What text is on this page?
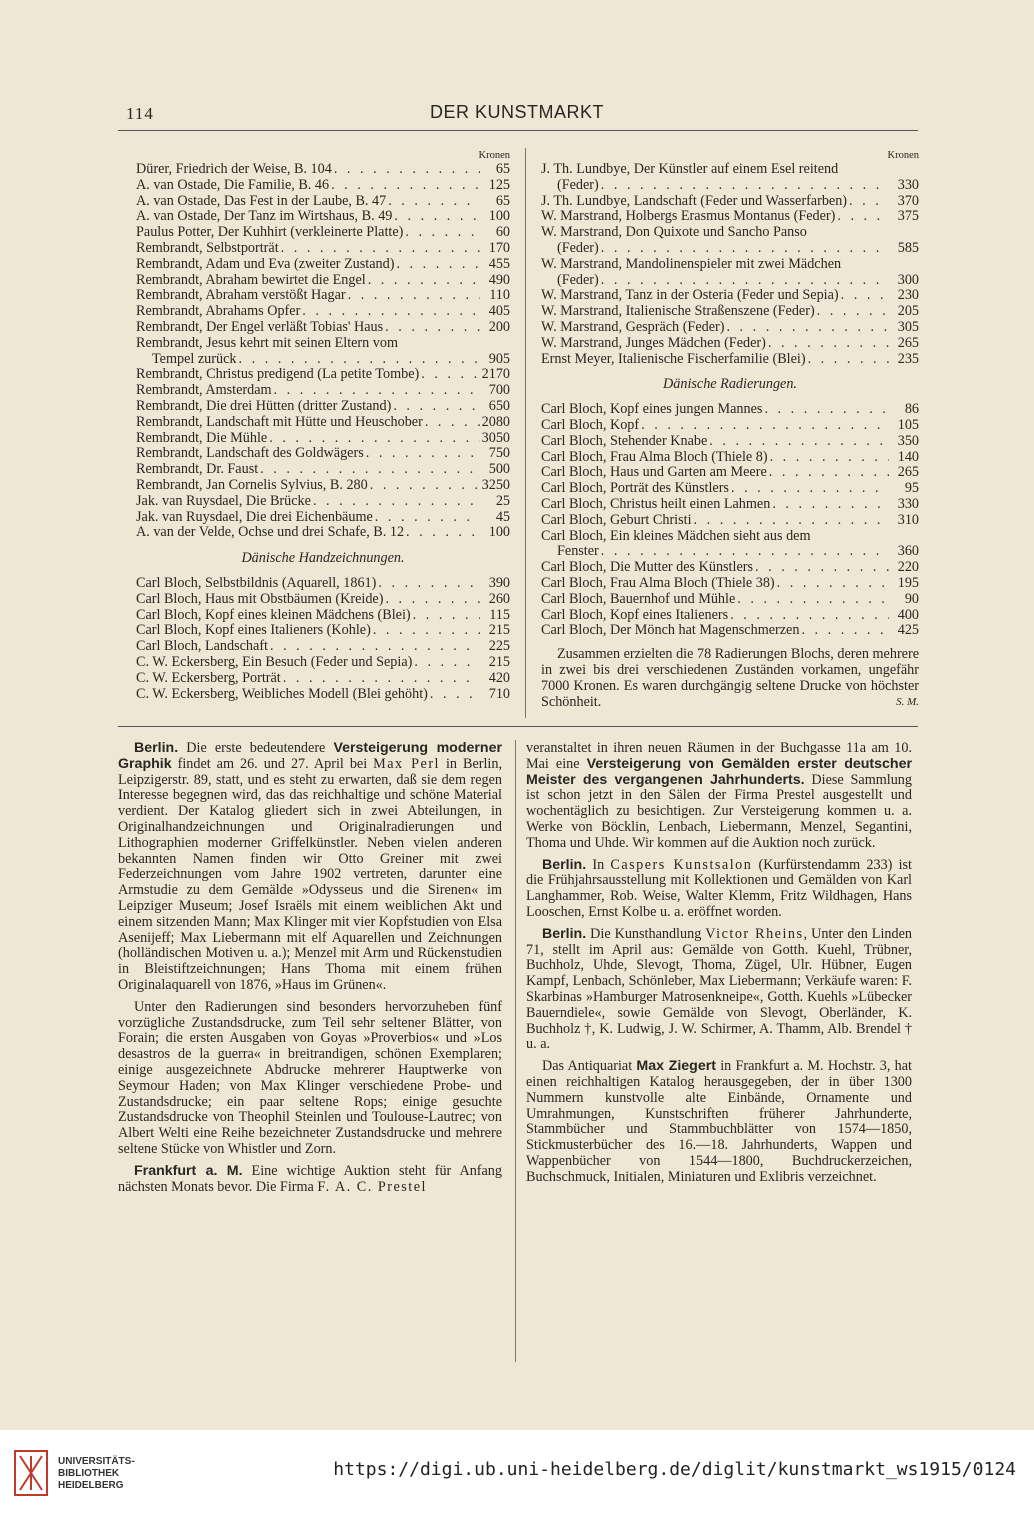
114	DER KUNSTMARKT
Kronen
Dürer, Friedrich der Weise, B. 104 . . .	65
A. van Ostade, Die Familie, B. 46 . . .	125
A. van Ostade, Das Fest in der Laube, B. 47 . . .	65
A. van Ostade, Der Tanz im Wirtshaus, B. 49 . . .	100
Paulus Potter, Der Kuhhirt (verkleinerte Platte) . . .	60
Rembrandt, Selbstporträt . . .	170
Rembrandt, Adam und Eva (zweiter Zustand) . . .	455
Rembrandt, Abraham bewirtet die Engel . . .	490
Rembrandt, Abraham verstößt Hagar . . .	110
Rembrandt, Abrahams Opfer . . .	405
Rembrandt, Der Engel verläßt Tobias' Haus . . .	200
Rembrandt, Jesus kehrt mit seinen Eltern vom
Tempel zurück . . .	905
Rembrandt, Christus predigend (La petite Tombe) . . .	2170
Rembrandt, Amsterdam . . .	700
Rembrandt, Die drei Hütten (dritter Zustand) . . .	650
Rembrandt, Landschaft mit Hütte und Heuschober . . .	2080
Rembrandt, Die Mühle . . .	3050
Rembrandt, Landschaft des Goldwägers . . .	750
Rembrandt, Dr. Faust . . .	500
Rembrandt, Jan Cornelis Sylvius, B. 280 . . .	3250
Jak. van Ruysdael, Die Brücke . . .	25
Jak. van Ruysdael, Die drei Eichenbäume . . .	45
A. van der Velde, Ochse und drei Schafe, B. 12 . . .	100
Dänische Handzeichnungen.
Carl Bloch, Selbstbildnis (Aquarell, 1861) . . .	390
Carl Bloch, Haus mit Obstbäumen (Kreide) . . .	260
Carl Bloch, Kopf eines kleinen Mädchens (Blei) . . .	115
Carl Bloch, Kopf eines Italieners (Kohle) . . .	215
Carl Bloch, Landschaft . . .	225
C. W. Eckersberg, Ein Besuch (Feder und Sepia) . . .	215
C. W. Eckersberg, Porträt . . .	420
C. W. Eckersberg, Weibliches Modell (Blei gehöht) . . .	710
Kronen
J. Th. Lundbye, Der Künstler auf einem Esel reitend
(Feder) . . .	330
J. Th. Lundbye, Landschaft (Feder und Wasserfarben) . . .	370
W. Marstrand, Holbergs Erasmus Montanus (Feder) . . .	375
W. Marstrand, Don Quixote und Sancho Panso
(Feder) . . .	585
W. Marstrand, Mandolinenspieler mit zwei Mädchen
(Feder) . . .	300
W. Marstrand, Tanz in der Osteria (Feder und Sepia) . . .	230
W. Marstrand, Italienische Straßenszene (Feder) . . .	205
W. Marstrand, Gespräch (Feder) . . .	305
W. Marstrand, Junges Mädchen (Feder) . . .	265
Ernst Meyer, Italienische Fischerfamilie (Blei) . . .	235
Dänische Radierungen.
Carl Bloch, Kopf eines jungen Mannes . . .	86
Carl Bloch, Kopf . . .	105
Carl Bloch, Stehender Knabe . . .	350
Carl Bloch, Frau Alma Bloch (Thiele 8) . . .	140
Carl Bloch, Haus und Garten am Meere . . .	265
Carl Bloch, Porträt des Künstlers . . .	95
Carl Bloch, Christus heilt einen Lahmen . . .	330
Carl Bloch, Geburt Christi . . .	310
Carl Bloch, Ein kleines Mädchen sieht aus dem
Fenster . . .	360
Carl Bloch, Die Mutter des Künstlers . . .	220
Carl Bloch, Frau Alma Bloch (Thiele 38) . . .	195
Carl Bloch, Bauernhof und Mühle . . .	90
Carl Bloch, Kopf eines Italieners . . .	400
Carl Bloch, Der Mönch hat Magenschmerzen . . .	425
Zusammen erzielten die 78 Radierungen Blochs, deren mehrere in zwei bis drei verschiedenen Zuständen vorkamen, ungefähr 7000 Kronen. Es waren durchgängig seltene Drucke von höchster Schönheit.	S. M.

Berlin. Die erste bedeutendere Versteigerung moderner Graphik findet am 26. und 27. April bei Max Perl in Berlin, Leipzigerstr. 89, statt, und es steht zu erwarten, daß sie dem regen Interesse begegnen wird, das das reichhaltige und schöne Material verdient. Der Katalog gliedert sich in zwei Abteilungen, in Originalhandzeichnungen und Originalradierungen und Lithographien moderner Griffelkünstler. Neben vielen anderen bekannten Namen finden wir Otto Greiner mit zwei Federzeichnungen vom Jahre 1902 vertreten, darunter eine Armstudie zu dem Gemälde »Odysseus und die Sirenen« im Leipziger Museum; Josef Israëls mit einem weiblichen Akt und einem sitzenden Mann; Max Klinger mit vier Kopfstudien von Elsa Asenijeff; Max Liebermann mit elf Aquarellen und Zeichnungen (holländischen Motiven u. a.); Menzel mit Arm und Rückenstudien in Bleistiftzeichnungen; Hans Thoma mit einem frühen Originalaquarell von 1876, »Haus im Grünen«.

Unter den Radierungen sind besonders hervorzuheben fünf vorzügliche Zustandsdrucke, zum Teil sehr seltener Blätter, von Forain; die ersten Ausgaben von Goyas »Proverbios« und »Los desastros de la guerra« in breitrandigen, schönen Exemplaren; einige ausgezeichnete Abdrucke mehrerer Hauptwerke von Seymour Haden; von Max Klinger verschiedene Probe- und Zustandsdrucke; ein paar seltene Rops; einige gesuchte Zustandsdrucke von Theophil Steinlen und Toulouse-Lautrec; von Albert Welti eine Reihe bezeichneter Zustandsdrucke und mehrere seltene Stücke von Whistler und Zorn.

Frankfurt a. M. Eine wichtige Auktion steht für Anfang nächsten Monats bevor. Die Firma F. A. C. Prestel

veranstaltet in ihren neuen Räumen in der Buchgasse 11a am 10. Mai eine Versteigerung von Gemälden erster deutscher Meister des vergangenen Jahrhunderts. Diese Sammlung ist schon jetzt in den Sälen der Firma Prestel ausgestellt und wochentäglich zu besichtigen. Zur Versteigerung kommen u. a. Werke von Böcklin, Lenbach, Liebermann, Menzel, Segantini, Thoma und Uhde. Wir kommen auf die Auktion noch zurück.

Berlin. In Caspers Kunstsalon (Kurfürstendamm 233) ist die Frühjahrsausstellung mit Kollektionen und Gemälden von Karl Langhammer, Rob. Weise, Walter Klemm, Fritz Wildhagen, Hans Looschen, Ernst Kolbe u. a. eröffnet worden.

Berlin. Die Kunsthandlung Victor Rheins, Unter den Linden 71, stellt im April aus: Gemälde von Gotth. Kuehl, Trübner, Buchholz, Uhde, Slevogt, Thoma, Zügel, Ulr. Hübner, Eugen Kampf, Lenbach, Schönleber, Max Liebermann; Verkäufe waren: F. Skarbinas »Hamburger Matrosenkneipe«, Gotth. Kuehls »Lübecker Bauerndiele«, sowie Gemälde von Slevogt, Oberländer, K. Buchholz †, K. Ludwig, J. W. Schirmer, A. Thamm, Alb. Brendel † u. a.

Das Antiquariat Max Ziegert in Frankfurt a. M. Hochstr. 3, hat einen reichhaltigen Katalog herausgegeben, der in über 1300 Nummern kunstvolle alte Einbände, Ornamente und Umrahmungen, Kunstschriften früherer Jahrhunderte, Stammbücher und Stammbuchblätter von 1574—1850, Stickmusterbücher des 16.—18. Jahrhunderts, Wappen und Wappenbücher von 1544—1800, Buchdruckerzeichen, Buchschmuck, Initialen, Miniaturen und Exlibris verzeichnet.

UNIVERSITÄTS-
BIBLIOTHEK
HEIDELBERG
https://digi.ub.uni-heidelberg.de/diglit/kunstmarkt_ws1915/0124
